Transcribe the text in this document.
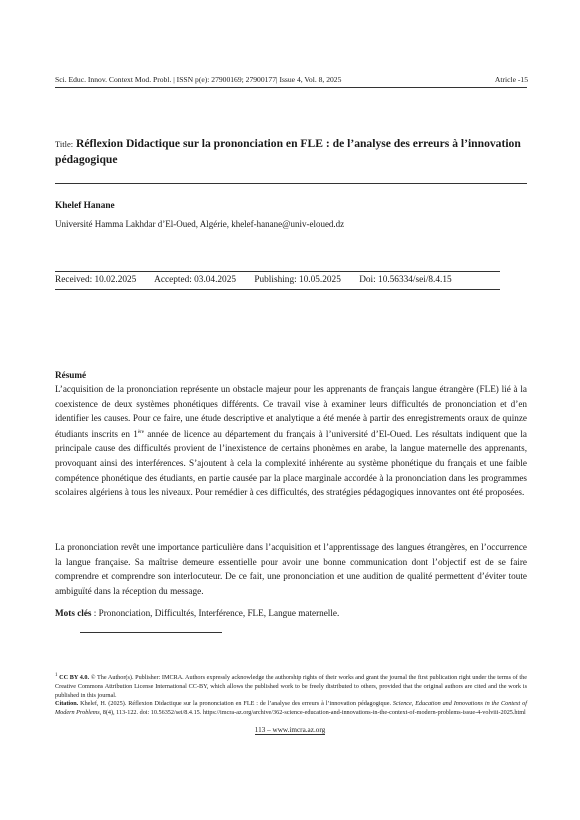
Sci. Educ. Innov. Context Mod. Probl. | ISSN p(e): 27900169; 27900177| Issue 4, Vol. 8, 2025	Atricle -15
Title: Réflexion Didactique sur la prononciation en FLE : de l’analyse des erreurs à l’innovation pédagogique
Khelef Hanane
Université Hamma Lakhdar d’El-Oued, Algérie, khelef-hanane@univ-eloued.dz
Received: 10.02.2025 Accepted: 03.04.2025 Publishing: 10.05.2025 Doi: 10.56334/sei/8.4.15
Résumé
L’acquisition de la prononciation représente un obstacle majeur pour les apprenants de français langue étrangère (FLE) lié à la coexistence de deux systèmes phonétiques différents. Ce travail vise à examiner leurs difficultés de prononciation et d’en identifier les causes. Pour ce faire, une étude descriptive et analytique a été menée à partir des enregistrements oraux de quinze étudiants inscrits en 1ère année de licence au département du français à l’université d’El-Oued. Les résultats indiquent que la principale cause des difficultés provient de l’inexistence de certains phonèmes en arabe, la langue maternelle des apprenants, provoquant ainsi des interférences. S’ajoutent à cela la complexité inhérente au système phonétique du français et une faible compétence phonétique des étudiants, en partie causée par la place marginale accordée à la prononciation dans les programmes scolaires algériens à tous les niveaux. Pour remédier à ces difficultés, des stratégies pédagogiques innovantes ont été proposées.
La prononciation revêt une importance particulière dans l’acquisition et l’apprentissage des langues étrangères, en l’occurrence la langue française. Sa maîtrise demeure essentielle pour avoir une bonne communication dont l’objectif est de se faire comprendre et comprendre son interlocuteur. De ce fait, une prononciation et une audition de qualité permettent d’éviter toute ambiguïté dans la réception du message.
Mots clés : Prononciation, Difficultés, Interférence, FLE, Langue maternelle.
$^1$ CC BY 4.0. © The Author(s). Publisher: IMCRA. Authors expressly acknowledge the authorship rights of their works and grant the journal the first publication right under the terms of the Creative Commons Attribution License International CC-BY, which allows the published work to be freely distributed to others, provided that the original authors are cited and the work is published in this journal.
Citation. Khelef, H. (2025). Réflexion Didactique sur la prononciation en FLE : de l’analyse des erreurs à l’innovation pédagogique. Science, Education and Innovations in the Context of Modern Problems, 8(4), 113-122. doi: 10.56352/sei/8.4.15. https://imcra-az.org/archive/362-science-education-and-innovations-in-the-context-of-modern-problems-issue-4-volviii-2025.html
113 – www.imcra.az.org
